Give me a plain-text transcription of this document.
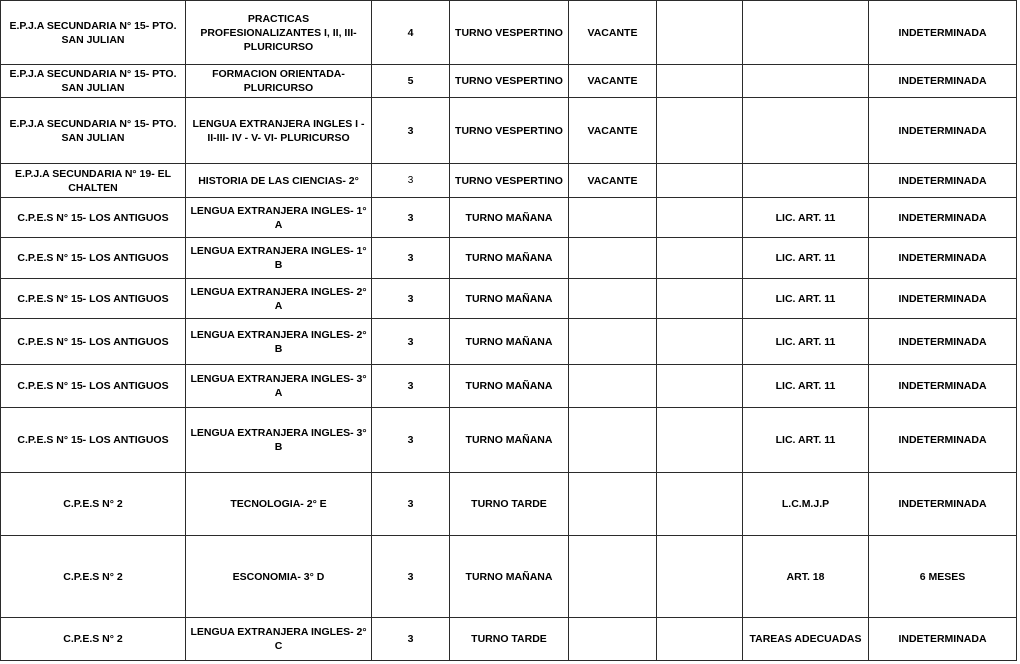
E.P.J.A SECUNDARIA N° 15- PTO. SAN JULIAN	PRACTICAS PROFESIONALIZANTES I, II, III- PLURICURSO	4	TURNO VESPERTINO	VACANTE			INDETERMINADA
E.P.J.A SECUNDARIA N° 15- PTO. SAN JULIAN	FORMACION ORIENTADA- PLURICURSO	5	TURNO VESPERTINO	VACANTE			INDETERMINADA
E.P.J.A SECUNDARIA N° 15- PTO. SAN JULIAN	LENGUA EXTRANJERA INGLES I - II-III- IV - V- VI- PLURICURSO	3	TURNO VESPERTINO	VACANTE			INDETERMINADA
E.P.J.A SECUNDARIA N° 19- EL CHALTEN	HISTORIA DE LAS CIENCIAS- 2°	3	TURNO VESPERTINO	VACANTE			INDETERMINADA
C.P.E.S N° 15- LOS ANTIGUOS	LENGUA EXTRANJERA INGLES- 1° A	3	TURNO MAÑANA			LIC. ART. 11	INDETERMINADA
C.P.E.S N° 15- LOS ANTIGUOS	LENGUA EXTRANJERA INGLES- 1° B	3	TURNO MAÑANA			LIC. ART. 11	INDETERMINADA
C.P.E.S N° 15- LOS ANTIGUOS	LENGUA EXTRANJERA INGLES- 2° A	3	TURNO MAÑANA			LIC. ART. 11	INDETERMINADA
C.P.E.S N° 15- LOS ANTIGUOS	LENGUA EXTRANJERA INGLES- 2° B	3	TURNO MAÑANA			LIC. ART. 11	INDETERMINADA
C.P.E.S N° 15- LOS ANTIGUOS	LENGUA EXTRANJERA INGLES- 3° A	3	TURNO MAÑANA			LIC. ART. 11	INDETERMINADA
C.P.E.S N° 15- LOS ANTIGUOS	LENGUA EXTRANJERA INGLES- 3° B	3	TURNO MAÑANA			LIC. ART. 11	INDETERMINADA
C.P.E.S N° 2	TECNOLOGIA- 2° E	3	TURNO TARDE			L.C.M.J.P	INDETERMINADA
C.P.E.S N° 2	ESCONOMIA- 3° D	3	TURNO MAÑANA			ART. 18	6 MESES
C.P.E.S N° 2	LENGUA EXTRANJERA INGLES- 2° C	3	TURNO TARDE			TAREAS ADECUADAS	INDETERMINADA
